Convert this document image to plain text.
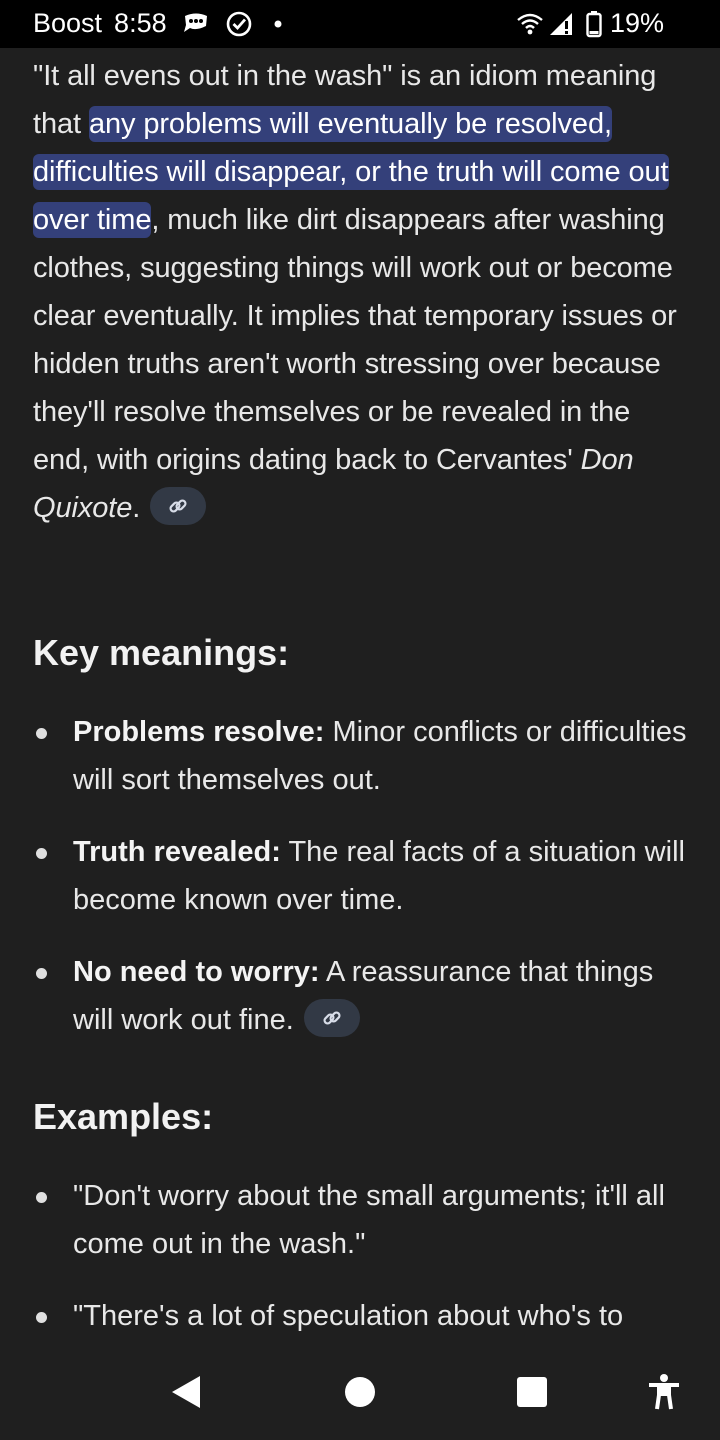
Boost 8:58	19%

"It all evens out in the wash" is an idiom meaning that any problems will eventually be resolved, difficulties will disappear, or the truth will come out over time, much like dirt disappears after washing clothes, suggesting things will work out or become clear eventually. It implies that temporary issues or hidden truths aren't worth stressing over because they'll resolve themselves or be revealed in the end, with origins dating back to Cervantes' Don Quixote.

Key meanings:
Problems resolve: Minor conflicts or difficulties will sort themselves out.
Truth revealed: The real facts of a situation will become known over time.
No need to worry: A reassurance that things will work out fine.
Examples:
"Don't worry about the small arguments; it'll all come out in the wash."
"There's a lot of speculation about who's to
